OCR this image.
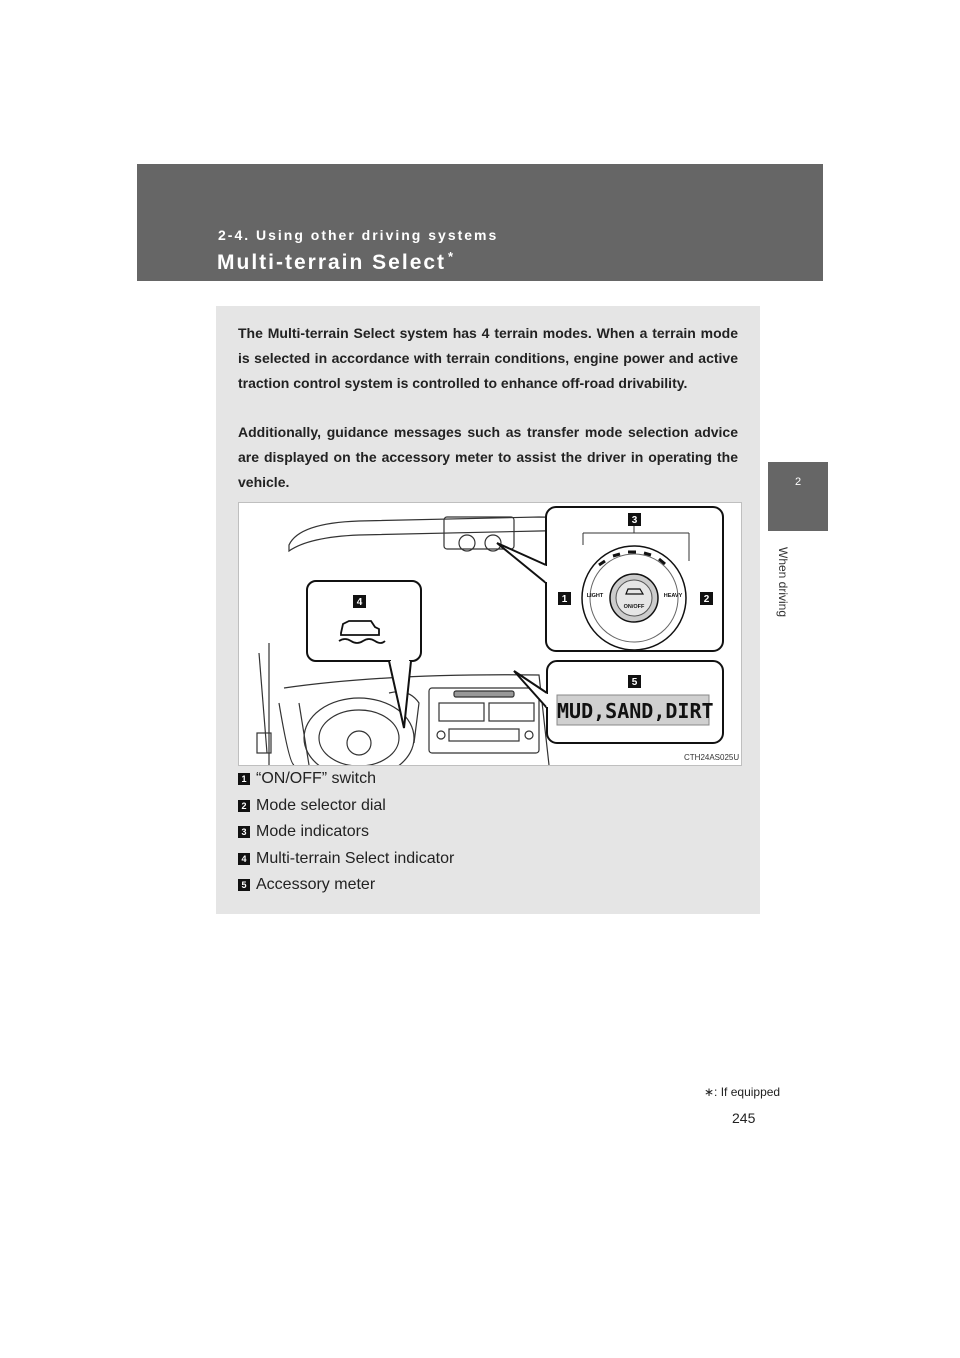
2-4. Using other driving systems
Multi-terrain Select *
2
When driving

The Multi-terrain Select system has 4 terrain modes. When a terrain mode is selected in accordance with terrain conditions, engine power and active traction control system is controlled to enhance off-road drivability.

Additionally, guidance messages such as transfer mode selection advice are displayed on the accessory meter to assist the driver in operating the vehicle.

ON/OFF
LIGHT	HEAVY
3
1	2
4
5
MUD,SAND,DIRT
CTH24AS025U
1 “ON/OFF” switch
2 Mode selector dial
3 Mode indicators
4 Multi-terrain Select indicator
5 Accessory meter
∗: If equipped
245
